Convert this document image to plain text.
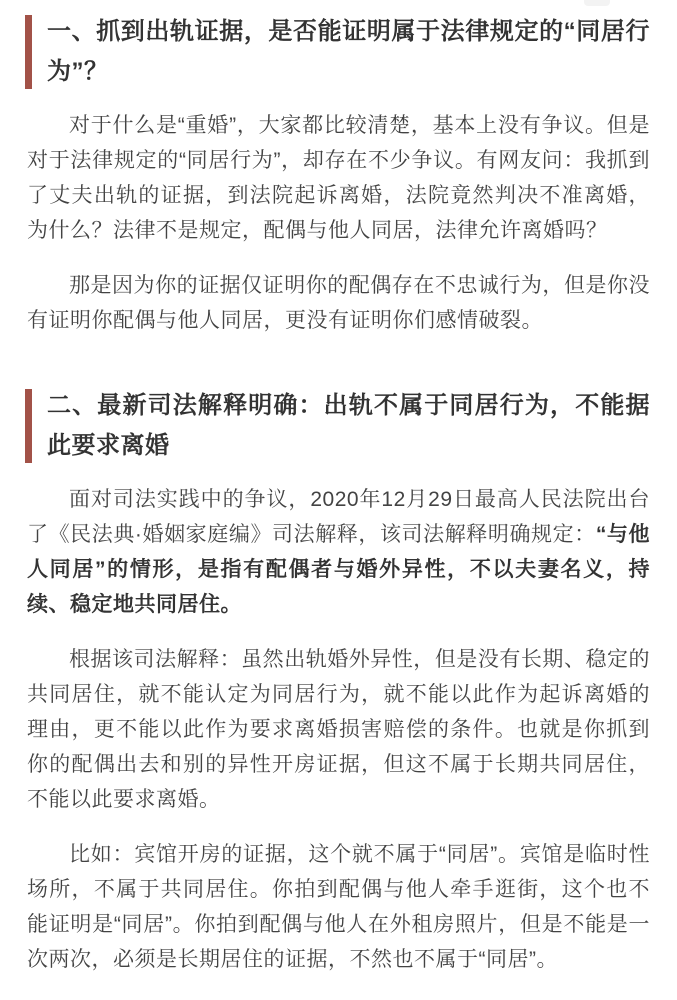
一、抓到出轨证据，是否能证明属于法律规定的“同居行为”？

对于什么是“重婚”，大家都比较清楚，基本上没有争议。但是对于法律规定的“同居行为”，却存在不少争议。有网友问：我抓到了丈夫出轨的证据，到法院起诉离婚，法院竟然判决不准离婚，为什么？法律不是规定，配偶与他人同居，法律允许离婚吗？

那是因为你的证据仅证明你的配偶存在不忠诚行为，但是你没有证明你配偶与他人同居，更没有证明你们感情破裂。

二、最新司法解释明确：出轨不属于同居行为，不能据此要求离婚

面对司法实践中的争议，2020年12月29日最高人民法院出台了《民法典·婚姻家庭编》司法解释，该司法解释明确规定：“与他人同居”的情形，是指有配偶者与婚外异性，不以夫妻名义，持续、稳定地共同居住。

根据该司法解释：虽然出轨婚外异性，但是没有长期、稳定的共同居住，就不能认定为同居行为，就不能以此作为起诉离婚的理由，更不能以此作为要求离婚损害赔偿的条件。也就是你抓到你的配偶出去和别的异性开房证据，但这不属于长期共同居住，不能以此要求离婚。

比如：宾馆开房的证据，这个就不属于“同居”。宾馆是临时性场所，不属于共同居住。你拍到配偶与他人牵手逛街，这个也不能证明是“同居”。你拍到配偶与他人在外租房照片，但是不能是一次两次，必须是长期居住的证据，不然也不属于“同居”。
